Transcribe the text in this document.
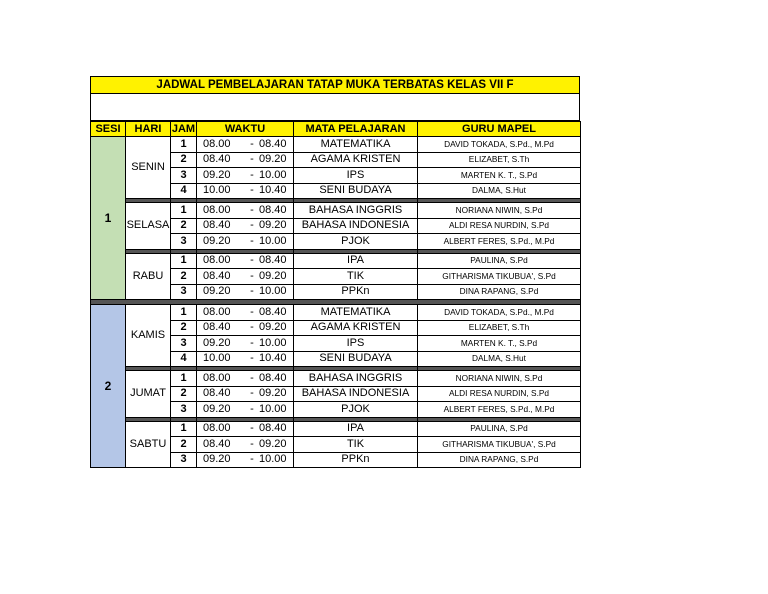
JADWAL PEMBELAJARAN TATAP MUKA TERBATAS KELAS VII F
SESI	HARI	JAM	WAKTU	MATA PELAJARAN	GURU MAPEL
1	SENIN	1	08.00 - 08.40	MATEMATIKA	DAVID TOKADA, S.Pd., M.Pd
		2	08.40 - 09.20	AGAMA KRISTEN	ELIZABET, S.Th
		3	09.20 - 10.00	IPS	MARTEN K. T., S.Pd
		4	10.00 - 10.40	SENI BUDAYA	DALMA, S.Hut

	SELASA	1	08.00 - 08.40	BAHASA INGGRIS	NORIANA NIWIN, S.Pd
		2	08.40 - 09.20	BAHASA INDONESIA	ALDI RESA NURDIN, S.Pd
		3	09.20 - 10.00	PJOK	ALBERT FERES, S.Pd., M.Pd

	RABU	1	08.00 - 08.40	IPA	PAULINA, S.Pd
		2	08.40 - 09.20	TIK	GITHARISMA TIKUBUA', S.Pd
		3	09.20 - 10.00	PPKn	DINA RAPANG, S.Pd

2	KAMIS	1	08.00 - 08.40	MATEMATIKA	DAVID TOKADA, S.Pd., M.Pd
		2	08.40 - 09.20	AGAMA KRISTEN	ELIZABET, S.Th
		3	09.20 - 10.00	IPS	MARTEN K. T., S.Pd
		4	10.00 - 10.40	SENI BUDAYA	DALMA, S.Hut

	JUMAT	1	08.00 - 08.40	BAHASA INGGRIS	NORIANA NIWIN, S.Pd
		2	08.40 - 09.20	BAHASA INDONESIA	ALDI RESA NURDIN, S.Pd
		3	09.20 - 10.00	PJOK	ALBERT FERES, S.Pd., M.Pd

	SABTU	1	08.00 - 08.40	IPA	PAULINA, S.Pd
		2	08.40 - 09.20	TIK	GITHARISMA TIKUBUA', S.Pd
		3	09.20 - 10.00	PPKn	DINA RAPANG, S.Pd
